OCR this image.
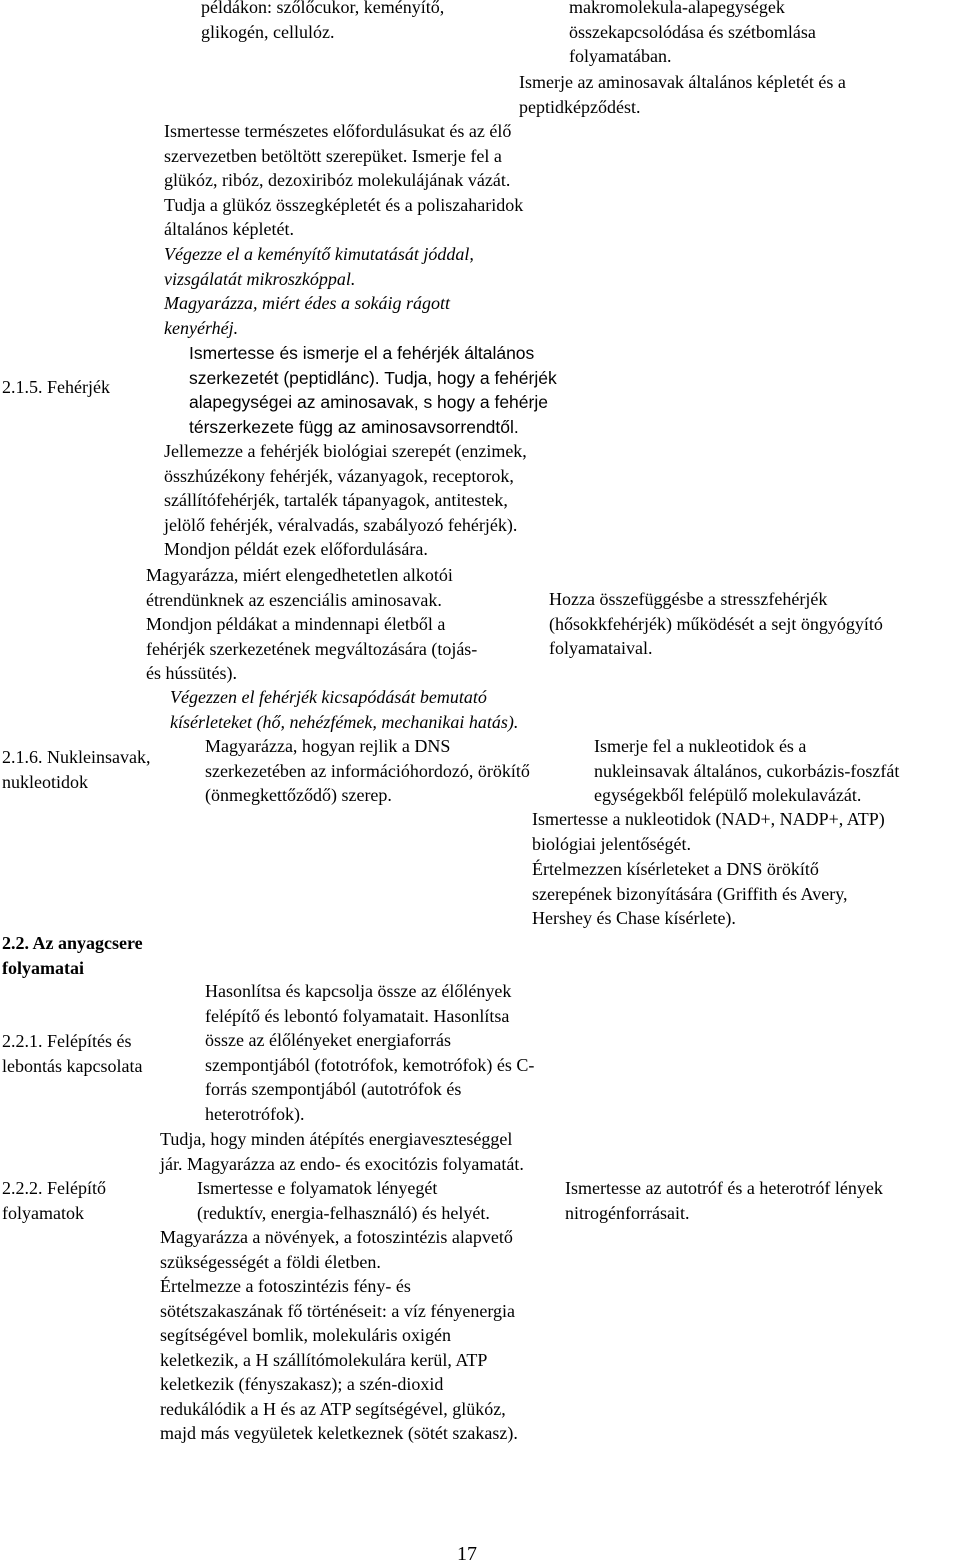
2.1.5. Fehérjék
2.1.6. Nukleinsavak,
nukleotidok
2.2. Az anyagcsere
folyamatai
2.2.1. Felépítés és
lebontás kapcsolata
2.2.2. Felépítő
folyamatok
példákon: szőlőcukor, keményítő,
glikogén, cellulóz.
Ismertesse természetes előfordulásukat és az élő
szervezetben betöltött szerepüket. Ismerje fel a
glükóz, ribóz, dezoxiribóz molekulájának vázát.
Tudja a glükóz összegképletét és a poliszaharidok
általános képletét.
Végezze el a keményítő kimutatását jóddal,
vizsgálatát mikroszkóppal.
Magyarázza, miért édes a sokáig rágott
kenyérhéj.
Ismertesse és ismerje el a fehérjék általános
szerkezetét (peptidlánc). Tudja, hogy a fehérjék
alapegységei az aminosavak, s hogy a fehérje
térszerkezete függ az aminosavsorrendtől.
Jellemezze a fehérjék biológiai szerepét (enzimek,
összhúzékony fehérjék, vázanyagok, receptorok,
szállítófehérjék, tartalék tápanyagok, antitestek,
jelölő fehérjék, véralvadás, szabályozó fehérjék).
Mondjon példát ezek előfordulására.
Magyarázza, miért elengedhetetlen alkotói
étrendünknek az eszenciális aminosavak.
Mondjon példákat a mindennapi életből a
fehérjék szerkezetének megváltozására (tojás-
és hússütés).
Végezzen el fehérjék kicsapódását bemutató
kísérleteket (hő, nehézfémek, mechanikai hatás).
Magyarázza, hogyan rejlik a DNS
szerkezetében az információhordozó, örökítő
(önmegkettőződő) szerep.
Hasonlítsa és kapcsolja össze az élőlények
felépítő és lebontó folyamatait. Hasonlítsa
össze az élőlényeket energiaforrás
szempontjából (fototrófok, kemotrófok) és C-
forrás szempontjából (autotrófok és
heterotrófok).
Tudja, hogy minden átépítés energiaveszteséggel
jár. Magyarázza az endo- és exocitózis folyamatát.
Ismertesse e folyamatok lényegét
(reduktív, energia-felhasználó) és helyét.
Magyarázza a növények, a fotoszintézis alapvető
szükségességét a földi életben.
Értelmezze a fotoszintézis fény- és
sötétszakaszának fő történéseit: a víz fényenergia
segítségével bomlik, molekuláris oxigén
keletkezik, a H szállítómolekulára kerül, ATP
keletkezik (fényszakasz); a szén-dioxid
redukálódik a H és az ATP segítségével, glükóz,
majd más vegyületek keletkeznek (sötét szakasz).
makromolekula-alapegységek
összekapcsolódása és szétbomlása
folyamatában.
Ismerje az aminosavak általános képletét és a
peptidképződést.
Hozza összefüggésbe a stresszfehérjék
(hősokkfehérjék) működését a sejt öngyógyító
folyamataival.
Ismerje fel a nukleotidok és a
nukleinsavak általános, cukorbázis-foszfát
egységekből felépülő molekulavázát.
Ismertesse a nukleotidok (NAD+, NADP+, ATP)
biológiai jelentőségét.
Értelmezzen kísérleteket a DNS örökítő
szerepének bizonyítására (Griffith és Avery,
Hershey és Chase kísérlete).
Ismertesse az autotróf és a heterotróf lények
nitrogénforrásait.
17
